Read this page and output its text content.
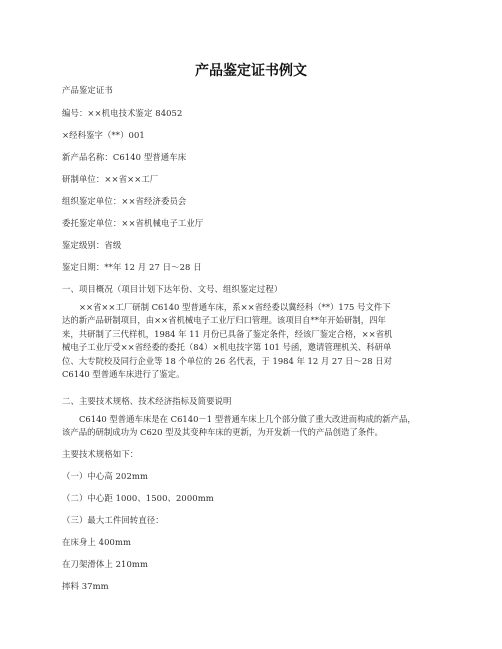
产品鉴定证书例文
产品鉴定证书
编号：××机电技术鉴定 84052
×经科鉴字（**）001
新产品名称：C6140 型普通车床
研制单位：××省××工厂
组织鉴定单位：××省经济委员会
委托鉴定单位：××省机械电子工业厅
鉴定级别：省级
鉴定日期：**年 12 月 27 日～28 日
一、项目概况（项目计划下达年份、文号、组织鉴定过程）
××省××工厂研制 C6140 型普通车床，系××省经委以冀经科（**）175 号文件下
达的新产品研制项目，由××省机械电子工业厅归口管理。该项目自**年开始研制，四年
来，共研制了三代样机，1984 年 11 月份已具备了鉴定条件，经该厂鉴定合格，××省机
械电子工业厅受××省经委的委托（84）×机电技字第 101 号函，邀请管理机关、科研单
位、大专院校及同行企业等 18 个单位的 26 名代表，于 1984 年 12 月 27 日～28 日对
C6140 型普通车床进行了鉴定。
二、主要技术规格、技术经济指标及简要说明
C6140 型普通车床是在 C6140－1 型普通车床上几个部分做了重大改进而构成的新产品，
该产品的研制成功为 C620 型及其变种车床的更新，为开发新一代的产品创造了条件。
主要技术规格如下：
（一）中心高 202mm
（二）中心距 1000、1500、2000mm
（三）最大工件回转直径：
在床身上 400mm
在刀架滑体上 210mm
摔料 37mm
